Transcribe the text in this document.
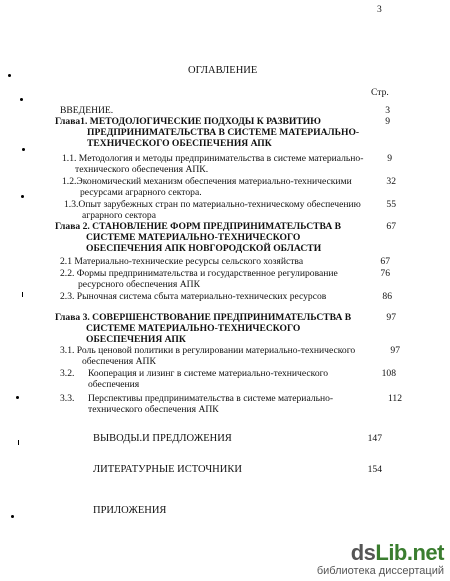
3
ОГЛАВЛЕНИЕ
Стр.
ВВЕДЕНИЕ.	3
Глава1. МЕТОДОЛОГИЧЕСКИЕ ПОДХОДЫ К РАЗВИТИЮ	9
ПРЕДПРИНИМАТЕЛЬСТВА В СИСТЕМЕ МАТЕРИАЛЬНО-
ТЕХНИЧЕСКОГО ОБЕСПЕЧЕНИЯ АПК
1.1. Методология и методы предпринимательства в системе материально-	9
технического обеспечения АПК.
1.2.Экономический механизм обеспечения материально-техническими	32
ресурсами аграрного сектора.
1.3.Опыт зарубежных стран по материально-техническому обеспечению	55
аграрного сектора
Глава 2. СТАНОВЛЕНИЕ ФОРМ ПРЕДПРИНИМАТЕЛЬСТВА В	67
СИСТЕМЕ МАТЕРИАЛЬНО-ТЕХНИЧЕСКОГО
ОБЕСПЕЧЕНИЯ АПК НОВГОРОДСКОЙ ОБЛАСТИ
2.1 Материально-технические ресурсы сельского хозяйства	67
2.2. Формы предпринимательства и государственное регулирование	76
ресурсного обеспечения АПК
2.3. Рыночная система сбыта материально-технических ресурсов	86
Глава 3. СОВЕРШЕНСТВОВАНИЕ ПРЕДПРИНИМАТЕЛЬСТВА В	97
СИСТЕМЕ МАТЕРИАЛЬНО-ТЕХНИЧЕСКОГО
ОБЕСПЕЧЕНИЯ АПК
3.1. Роль ценовой политики в регулировании материально-технического	97
обеспечения АПК
3.2. Кооперация и лизинг в системе материально-технического	108
обеспечения
3.3. Перспективы предпринимательства в системе материально-	112
технического обеспечения АПК
ВЫВОДЫ.И ПРЕДЛОЖЕНИЯ	147
ЛИТЕРАТУРНЫЕ ИСТОЧНИКИ	154
ПРИЛОЖЕНИЯ
dsLib.net
библиотека диссертаций
